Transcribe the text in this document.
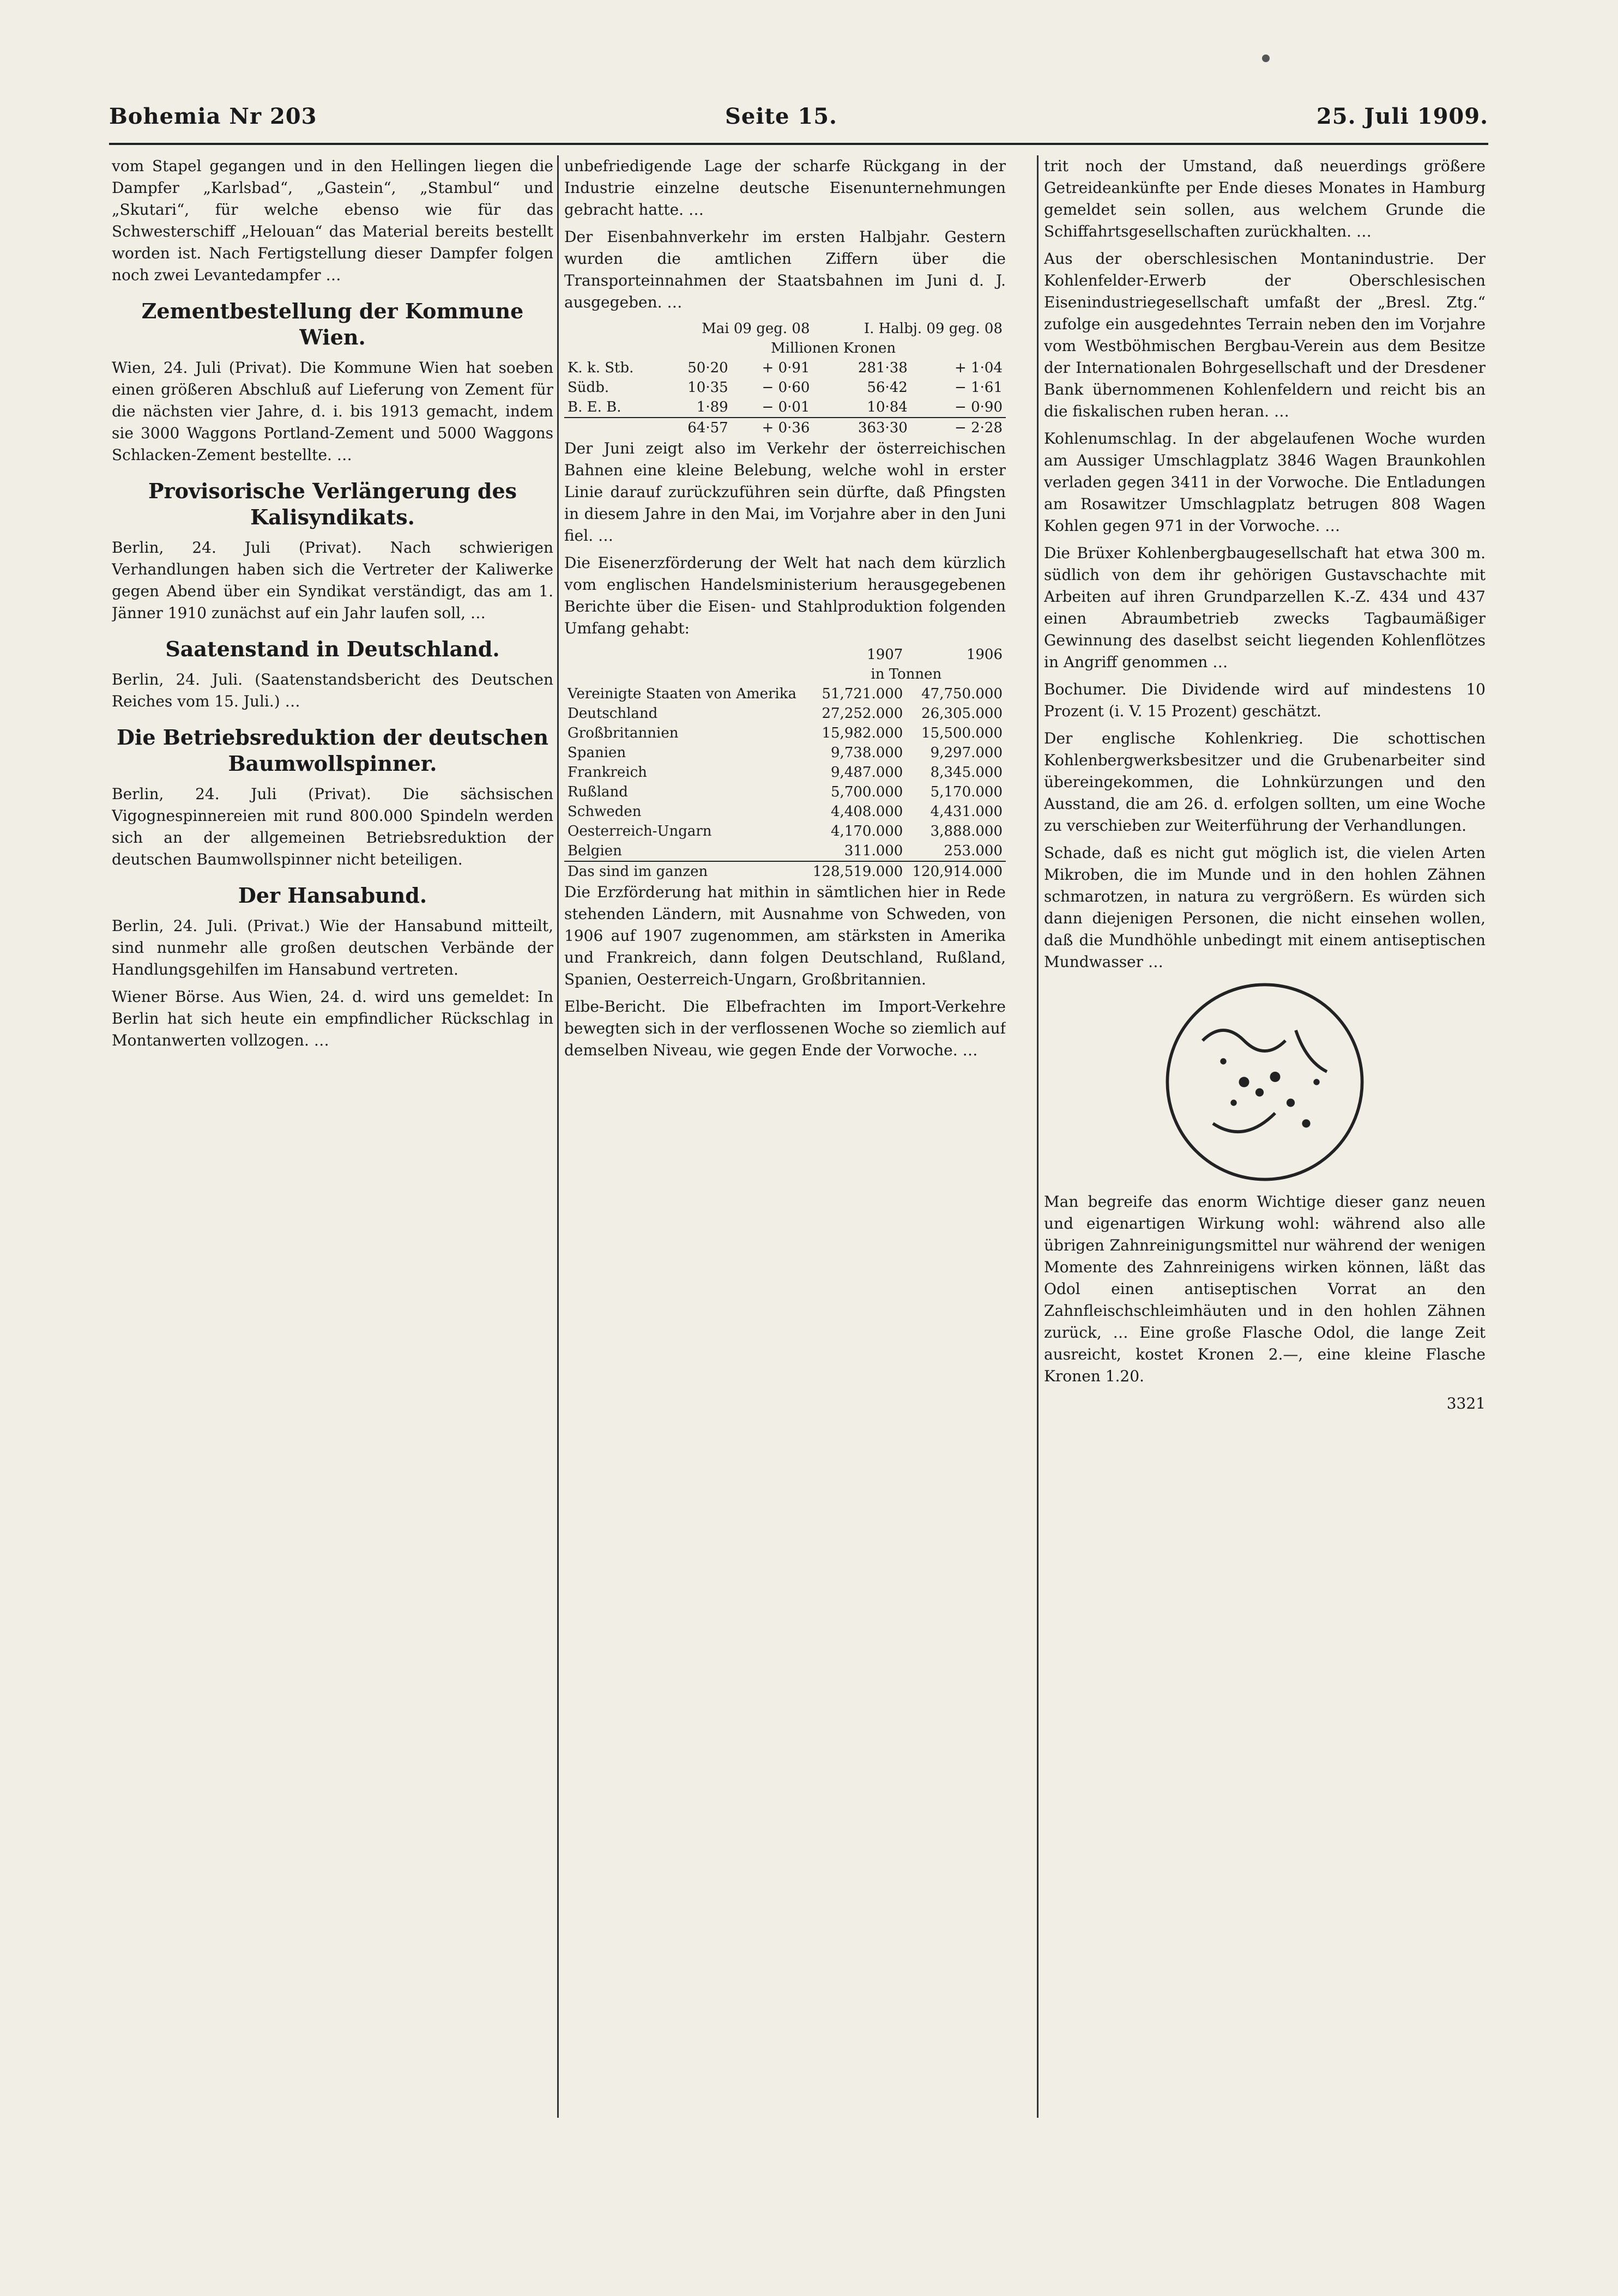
Bohemia Nr 203	Seite 15.	25. Juli 1909.

vom Stapel gegangen und in den Hellingen liegen die Dampfer „Karlsbad“, „Gastein“, „Stambul“ und „Skutari“, für welche ebenso wie für das Schwesterschiff „Helouan“ das Material bereits bestellt worden ist. Nach Fertigstellung dieser Dampfer folgen noch zwei Levantedampfer …

Zementbestellung der Kommune Wien.

Wien, 24. Juli (Privat). Die Kommune Wien hat soeben einen größeren Abschluß auf Lieferung von Zement für die nächsten vier Jahre, d. i. bis 1913 gemacht, indem sie 3000 Waggons Portland-Zement und 5000 Waggons Schlacken-Zement bestellte. …

Provisorische Verlängerung des Kalisyndikats.

Berlin, 24. Juli (Privat). Nach schwierigen Verhandlungen haben sich die Vertreter der Kaliwerke gegen Abend über ein Syndikat verständigt, das am 1. Jänner 1910 zunächst auf ein Jahr laufen soll, …

Saatenstand in Deutschland.

Berlin, 24. Juli. (Saatenstandsbericht des Deutschen Reiches vom 15. Juli.) …

Die Betriebsreduktion der deutschen Baumwollspinner.

Berlin, 24. Juli (Privat). Die sächsischen Vigognespinnereien mit rund 800.000 Spindeln werden sich an der allgemeinen Betriebsreduktion der deutschen Baumwollspinner nicht beteiligen.

Der Hansabund.

Berlin, 24. Juli. (Privat.) Wie der Hansabund mitteilt, sind nunmehr alle großen deutschen Verbände der Handlungsgehilfen im Hansabund vertreten.

Wiener Börse. Aus Wien, 24. d. wird uns gemeldet: In Berlin hat sich heute ein empfindlicher Rückschlag in Montanwerten vollzogen. …

unbefriedigende Lage der scharfe Rückgang in der Industrie einzelne deutsche Eisenunternehmungen gebracht hatte. …

Der Eisenbahnverkehr im ersten Halbjahr. Gestern wurden die amtlichen Ziffern über die Transporteinnahmen der Staatsbahnen im Juni d. J. ausgegeben. …

	Mai 09 geg. 08		I. Halbj. 09 geg. 08	
	Millionen Kronen			
K. k. Stb.	50·20	+ 0·91	281·38	+ 1·04
Südb.	10·35	− 0·60	56·42	− 1·61
B. E. B.	1·89	− 0·01	10·84	− 0·90
	64·57	+ 0·36	363·30	− 2·28

Der Juni zeigt also im Verkehr der österreichischen Bahnen eine kleine Belebung, welche wohl in erster Linie darauf zurückzuführen sein dürfte, daß Pfingsten in diesem Jahre in den Mai, im Vorjahre aber in den Juni fiel. …

Die Eisenerzförderung der Welt hat nach dem kürzlich vom englischen Handelsministerium herausgegebenen Berichte über die Eisen- und Stahlproduktion folgenden Umfang gehabt:

	1907	1906
	in Tonnen	
Vereinigte Staaten von Amerika	51,721.000	47,750.000
Deutschland	27,252.000	26,305.000
Großbritannien	15,982.000	15,500.000
Spanien	9,738.000	9,297.000
Frankreich	9,487.000	8,345.000
Rußland	5,700.000	5,170.000
Schweden	4,408.000	4,431.000
Oesterreich-Ungarn	4,170.000	3,888.000
Belgien	311.000	253.000
Das sind im ganzen	128,519.000	120,914.000

Die Erzförderung hat mithin in sämtlichen hier in Rede stehenden Ländern, mit Ausnahme von Schweden, von 1906 auf 1907 zugenommen, am stärksten in Amerika und Frankreich, dann folgen Deutschland, Rußland, Spanien, Oesterreich-Ungarn, Großbritannien.

Elbe-Bericht. Die Elbefrachten im Import-Verkehre bewegten sich in der verflossenen Woche so ziemlich auf demselben Niveau, wie gegen Ende der Vorwoche. …

trit noch der Umstand, daß neuerdings größere Getreideankünfte per Ende dieses Monates in Hamburg gemeldet sein sollen, aus welchem Grunde die Schiffahrtsgesellschaften zurückhalten. …

Aus der oberschlesischen Montanindustrie. Der Kohlenfelder-Erwerb der Oberschlesischen Eisenindustriegesellschaft umfaßt der „Bresl. Ztg.“ zufolge ein ausgedehntes Terrain neben den im Vorjahre vom Westböhmischen Bergbau-Verein aus dem Besitze der Internationalen Bohrgesellschaft und der Dresdener Bank übernommenen Kohlenfeldern und reicht bis an die fiskalischen ruben heran. …

Kohlenumschlag. In der abgelaufenen Woche wurden am Aussiger Umschlagplatz 3846 Wagen Braunkohlen verladen gegen 3411 in der Vorwoche. Die Entladungen am Rosawitzer Umschlagplatz betrugen 808 Wagen Kohlen gegen 971 in der Vorwoche. …

Die Brüxer Kohlenbergbaugesellschaft hat etwa 300 m. südlich von dem ihr gehörigen Gustavschachte mit Arbeiten auf ihren Grundparzellen K.-Z. 434 und 437 einen Abraumbetrieb zwecks Tagbaumäßiger Gewinnung des daselbst seicht liegenden Kohlenflötzes in Angriff genommen …

Bochumer. Die Dividende wird auf mindestens 10 Prozent (i. V. 15 Prozent) geschätzt.

Der englische Kohlenkrieg. Die schottischen Kohlenbergwerksbesitzer und die Grubenarbeiter sind übereingekommen, die Lohnkürzungen und den Ausstand, die am 26. d. erfolgen sollten, um eine Woche zu verschieben zur Weiterführung der Verhandlungen.

Schade, daß es nicht gut möglich ist, die vielen Arten Mikroben, die im Munde und in den hohlen Zähnen schmarotzen, in natura zu vergrößern. Es würden sich dann diejenigen Personen, die nicht einsehen wollen, daß die Mundhöhle unbedingt mit einem antiseptischen Mundwasser …

Man begreife das enorm Wichtige dieser ganz neuen und eigenartigen Wirkung wohl: während also alle übrigen Zahnreinigungsmittel nur während der wenigen Momente des Zahnreinigens wirken können, läßt das Odol einen antiseptischen Vorrat an den Zahnfleischschleimhäuten und in den hohlen Zähnen zurück, … Eine große Flasche Odol, die lange Zeit ausreicht, kostet Kronen 2.—, eine kleine Flasche Kronen 1.20.

3321
